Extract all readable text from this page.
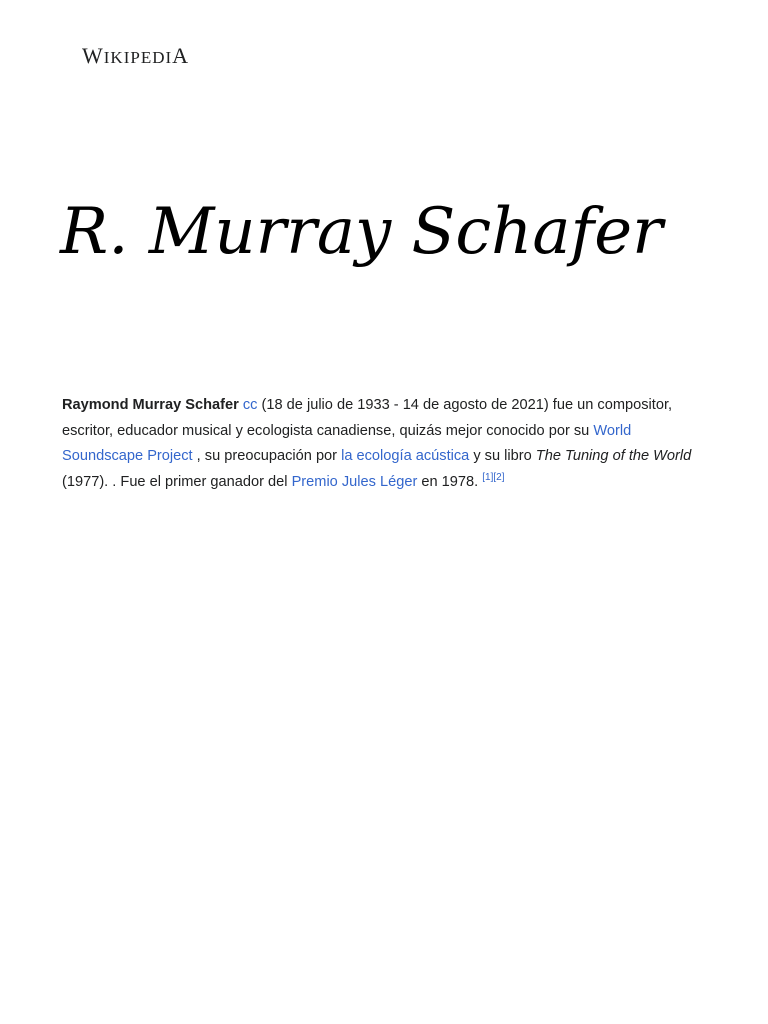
WIKIPEDIA
R. Murray Schafer

Raymond Murray Schafer cc (18 de julio de 1933 - 14 de agosto de 2021) fue un compositor, escritor, educador musical y ecologista canadiense, quizás mejor conocido por su World Soundscape Project , su preocupación por la ecología acústica y su libro The Tuning of the World (1977). . Fue el primer ganador del Premio Jules Léger en 1978. [1][2]
